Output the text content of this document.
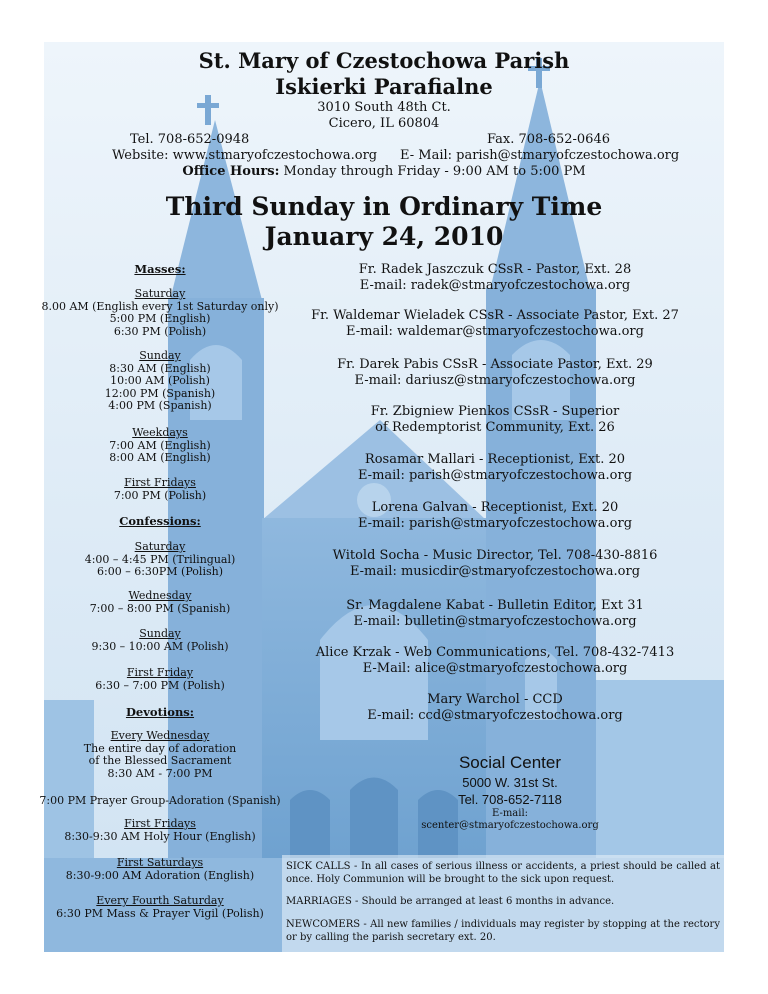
St. Mary of Czestochowa Parish
Iskierki Parafialne
3010 South 48th Ct.
Cicero, IL 60804
Tel. 708-652-0948	Fax. 708-652-0646
Website: www.stmaryofczestochowa.org E- Mail: parish@stmaryofczestochowa.org
Office Hours: Monday through Friday - 9:00 AM to 5:00 PM
Third Sunday in Ordinary Time
January 24, 2010
Masses:
Saturday
8.00 AM (English every 1st Saturday only)
5:00 PM (English)
6:30 PM (Polish)
Sunday
8:30 AM (English)
10:00 AM (Polish)
12:00 PM (Spanish)
4:00 PM (Spanish)
Weekdays
7:00 AM (English)
8:00 AM (English)
First Fridays
7:00 PM (Polish)
Confessions:
Saturday
4:00 – 4:45 PM (Trilingual)
6:00 – 6:30PM (Polish)
Wednesday
7:00 – 8:00 PM (Spanish)
Sunday
9:30 – 10:00 AM (Polish)
First Friday
6:30 – 7:00 PM (Polish)
Devotions:
Every Wednesday
The entire day of adoration
of the Blessed Sacrament
8:30 AM - 7:00 PM
7:00 PM Prayer Group-Adoration (Spanish)
First Fridays
8:30-9:30 AM Holy Hour (English)
First Saturdays
8:30-9:00 AM Adoration (English)
Every Fourth Saturday
6:30 PM Mass & Prayer Vigil (Polish)
Fr. Radek Jaszczuk CSsR - Pastor, Ext. 28
E-mail: radek@stmaryofczestochowa.org
Fr. Waldemar Wieladek CSsR - Associate Pastor, Ext. 27
E-mail: waldemar@stmaryofczestochowa.org
Fr. Darek Pabis CSsR - Associate Pastor, Ext. 29
E-mail: dariusz@stmaryofczestochowa.org
Fr. Zbigniew Pienkos CSsR - Superior
of Redemptorist Community, Ext. 26
Rosamar Mallari - Receptionist, Ext. 20
E-mail: parish@stmaryofczestochowa.org
Lorena Galvan - Receptionist, Ext. 20
E-mail: parish@stmaryofczestochowa.org
Witold Socha - Music Director, Tel. 708-430-8816
E-mail: musicdir@stmaryofczestochowa.org
Sr. Magdalene Kabat - Bulletin Editor, Ext 31
E-mail: bulletin@stmaryofczestochowa.org
Alice Krzak - Web Communications, Tel. 708-432-7413
E-Mail: alice@stmaryofczestochowa.org
Mary Warchol - CCD
E-mail: ccd@stmaryofczestochowa.org
Social Center
5000 W. 31st St.
Tel. 708-652-7118
E-mail:
scenter@stmaryofczestochowa.org
SICK CALLS - In all cases of serious illness or accidents, a priest should be called at once. Holy Communion will be brought to the sick upon request.
MARRIAGES - Should be arranged at least 6 months in advance.
NEWCOMERS - All new families / individuals may register by stopping at the rectory or by calling the parish secretary ext. 20.
